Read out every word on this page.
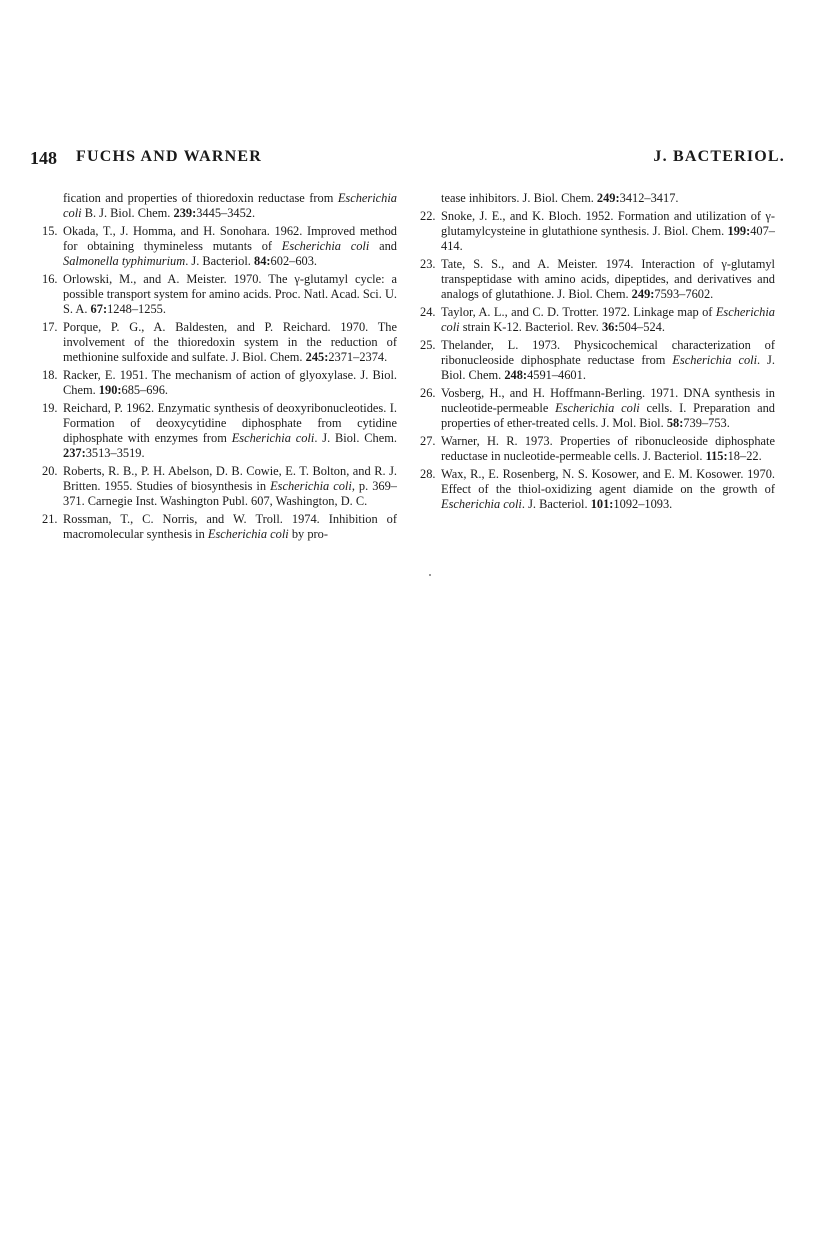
148 FUCHS AND WARNER	J. BACTERIOL.
fication and properties of thioredoxin reductase from Escherichia coli B. J. Biol. Chem. 239:3445–3452.
15. Okada, T., J. Homma, and H. Sonohara. 1962. Improved method for obtaining thymineless mutants of Escherichia coli and Salmonella typhimurium. J. Bacteriol. 84:602–603.
16. Orlowski, M., and A. Meister. 1970. The γ-glutamyl cycle: a possible transport system for amino acids. Proc. Natl. Acad. Sci. U. S. A. 67:1248–1255.
17. Porque, P. G., A. Baldesten, and P. Reichard. 1970. The involvement of the thioredoxin system in the reduction of methionine sulfoxide and sulfate. J. Biol. Chem. 245:2371–2374.
18. Racker, E. 1951. The mechanism of action of glyoxylase. J. Biol. Chem. 190:685–696.
19. Reichard, P. 1962. Enzymatic synthesis of deoxyribonucleotides. I. Formation of deoxycytidine diphosphate from cytidine diphosphate with enzymes from Escherichia coli. J. Biol. Chem. 237:3513–3519.
20. Roberts, R. B., P. H. Abelson, D. B. Cowie, E. T. Bolton, and R. J. Britten. 1955. Studies of biosynthesis in Escherichia coli, p. 369–371. Carnegie Inst. Washington Publ. 607, Washington, D. C.
21. Rossman, T., C. Norris, and W. Troll. 1974. Inhibition of macromolecular synthesis in Escherichia coli by pro-
tease inhibitors. J. Biol. Chem. 249:3412–3417.
22. Snoke, J. E., and K. Bloch. 1952. Formation and utilization of γ-glutamylcysteine in glutathione synthesis. J. Biol. Chem. 199:407–414.
23. Tate, S. S., and A. Meister. 1974. Interaction of γ-glutamyl transpeptidase with amino acids, dipeptides, and derivatives and analogs of glutathione. J. Biol. Chem. 249:7593–7602.
24. Taylor, A. L., and C. D. Trotter. 1972. Linkage map of Escherichia coli strain K-12. Bacteriol. Rev. 36:504–524.
25. Thelander, L. 1973. Physicochemical characterization of ribonucleoside diphosphate reductase from Escherichia coli. J. Biol. Chem. 248:4591–4601.
26. Vosberg, H., and H. Hoffmann-Berling. 1971. DNA synthesis in nucleotide-permeable Escherichia coli cells. I. Preparation and properties of ether-treated cells. J. Mol. Biol. 58:739–753.
27. Warner, H. R. 1973. Properties of ribonucleoside diphosphate reductase in nucleotide-permeable cells. J. Bacteriol. 115:18–22.
28. Wax, R., E. Rosenberg, N. S. Kosower, and E. M. Kosower. 1970. Effect of the thiol-oxidizing agent diamide on the growth of Escherichia coli. J. Bacteriol. 101:1092–1093.
